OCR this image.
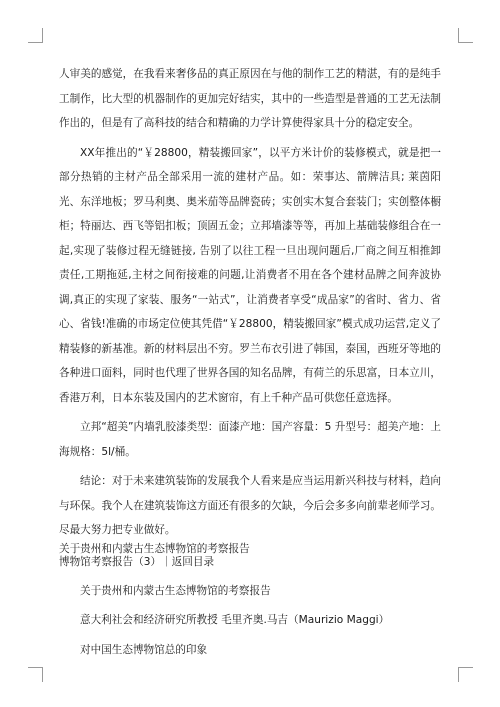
人审美的感觉，在我看来奢侈品的真正原因在与他的制作工艺的精湛，有的是纯手工制作，比大型的机器制作的更加完好结实，其中的一些造型是普通的工艺无法制作出的，但是有了高科技的结合和精确的力学计算使得家具十分的稳定安全。

XX年推出的“￥28800，精装搬回家”，以平方米计价的装修模式，就是把一部分热销的主材产品全部采用一流的建材产品。如：荣事达、箭牌洁具; 莱茵阳光、东洋地板；罗马利奥、奥米茄等品牌瓷砖；实创实木复合套装门；实创整体橱柜；特丽达、西飞等铝扣板；顶固五金；立邦墙漆等等，再加上基础装修组合在一起,实现了装修过程无缝链接, 告别了以往工程一旦出现问题后,厂商之间互相推卸责任,工期拖延,主材之间衔接难的问题,让消费者不用在各个建材品牌之间奔波协调,真正的实现了家装、服务“一站式”，让消费者享受“成品家”的省时、省力、省心、省钱!准确的市场定位使其凭借“￥28800，精装搬回家”模式成功运营,定义了精装修的新基准。新的材料层出不穷。罗兰布衣引进了韩国，泰国，西班牙等地的各种进口面料，同时也代理了世界各国的知名品牌，有荷兰的乐思富，日本立川，香港万利，日本东装及国内的艺术窗帘，有上千种产品可供您任意选择。

立邦“超美”内墙乳胶漆类型：面漆产地：国产容量：5 升型号：超美产地：上海规格：5l/桶。

结论：对于未来建筑装饰的发展我个人看来是应当运用新兴科技与材料，趋向与环保。我个人在建筑装饰这方面还有很多的欠缺，今后会多多向前辈老师学习。尽最大努力把专业做好。

关于贵州和内蒙古生态博物馆的考察报告

博物馆考察报告（3）｜返回目录

关于贵州和内蒙古生态博物馆的考察报告

意大利社会和经济研究所教授 毛里齐奥.马吉（Maurizio Maggi）

对中国生态博物馆总的印象
